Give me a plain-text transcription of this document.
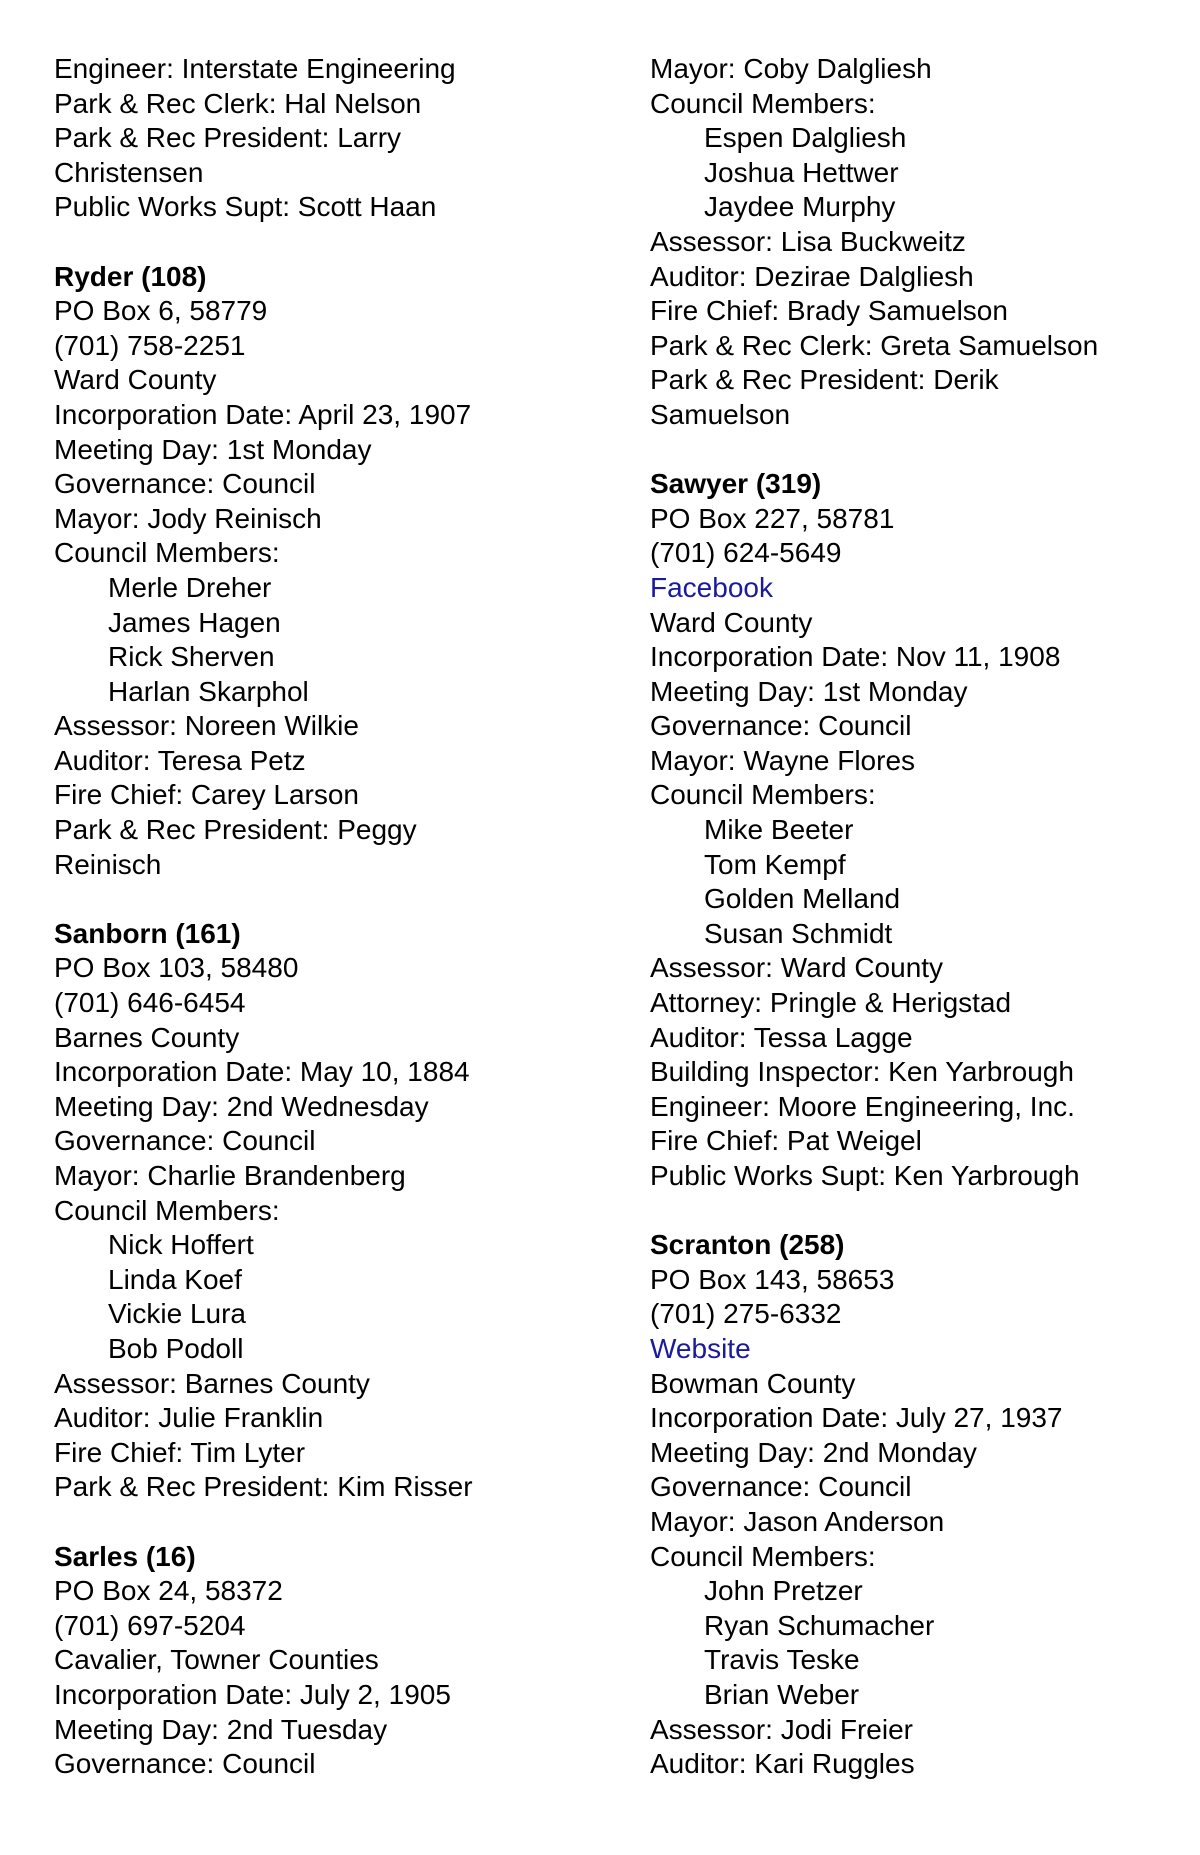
Engineer: Interstate Engineering
Park & Rec Clerk: Hal Nelson
Park & Rec President: Larry
Christensen
Public Works Supt: Scott Haan
Ryder (108)
PO Box 6, 58779
(701) 758-2251
Ward County
Incorporation Date: April 23, 1907
Meeting Day: 1st Monday
Governance: Council
Mayor: Jody Reinisch
Council Members:
Merle Dreher
James Hagen
Rick Sherven
Harlan Skarphol
Assessor: Noreen Wilkie
Auditor: Teresa Petz
Fire Chief: Carey Larson
Park & Rec President: Peggy
Reinisch
Sanborn (161)
PO Box 103, 58480
(701) 646-6454
Barnes County
Incorporation Date: May 10, 1884
Meeting Day: 2nd Wednesday
Governance: Council
Mayor: Charlie Brandenberg
Council Members:
Nick Hoffert
Linda Koef
Vickie Lura
Bob Podoll
Assessor: Barnes County
Auditor: Julie Franklin
Fire Chief: Tim Lyter
Park & Rec President: Kim Risser
Sarles (16)
PO Box 24, 58372
(701) 697-5204
Cavalier, Towner Counties
Incorporation Date: July 2, 1905
Meeting Day: 2nd Tuesday
Governance: Council
Mayor: Coby Dalgliesh
Council Members:
Espen Dalgliesh
Joshua Hettwer
Jaydee Murphy
Assessor: Lisa Buckweitz
Auditor: Dezirae Dalgliesh
Fire Chief: Brady Samuelson
Park & Rec Clerk: Greta Samuelson
Park & Rec President: Derik
Samuelson
Sawyer (319)
PO Box 227, 58781
(701) 624-5649
Facebook
Ward County
Incorporation Date: Nov 11, 1908
Meeting Day: 1st Monday
Governance: Council
Mayor: Wayne Flores
Council Members:
Mike Beeter
Tom Kempf
Golden Melland
Susan Schmidt
Assessor: Ward County
Attorney: Pringle & Herigstad
Auditor: Tessa Lagge
Building Inspector: Ken Yarbrough
Engineer: Moore Engineering, Inc.
Fire Chief: Pat Weigel
Public Works Supt: Ken Yarbrough
Scranton (258)
PO Box 143, 58653
(701) 275-6332
Website
Bowman County
Incorporation Date: July 27, 1937
Meeting Day: 2nd Monday
Governance: Council
Mayor: Jason Anderson
Council Members:
John Pretzer
Ryan Schumacher
Travis Teske
Brian Weber
Assessor: Jodi Freier
Auditor: Kari Ruggles
